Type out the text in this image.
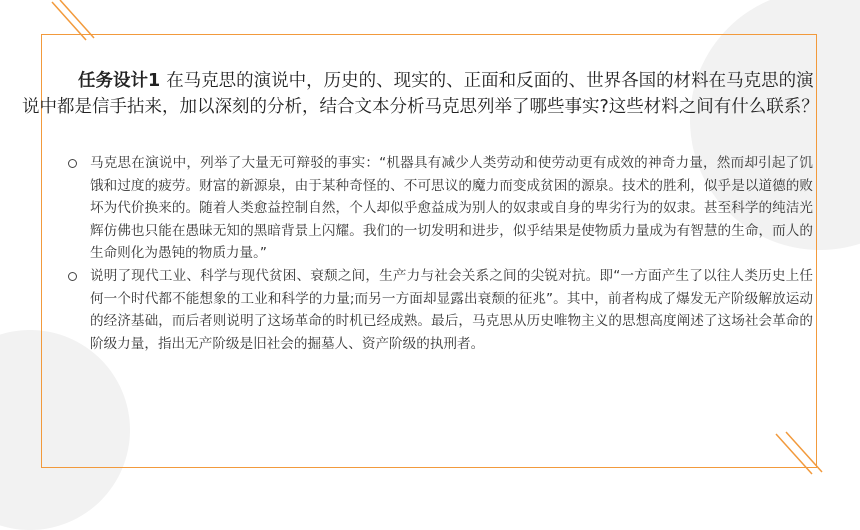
任务设计1 在马克思的演说中，历史的、现实的、正面和反面的、世界各国的材料在马克思的演说中都是信手拈来，加以深刻的分析，结合文本分析马克思列举了哪些事实?这些材料之间有什么联系？
马克思在演说中，列举了大量无可辩驳的事实：“机器具有减少人类劳动和使劳动更有成效的神奇力量，然而却引起了饥饿和过度的疲劳。财富的新源泉，由于某种奇怪的、不可思议的魔力而变成贫困的源泉。技术的胜利，似乎是以道德的败坏为代价换来的。随着人类愈益控制自然，个人却似乎愈益成为别人的奴隶或自身的卑劣行为的奴隶。甚至科学的纯洁光辉仿佛也只能在愚昧无知的黑暗背景上闪耀。我们的一切发明和进步，似乎结果是使物质力量成为有智慧的生命，而人的生命则化为愚钝的物质力量。”
说明了现代工业、科学与现代贫困、衰颓之间，生产力与社会关系之间的尖锐对抗。即“一方面产生了以往人类历史上任何一个时代都不能想象的工业和科学的力量;而另一方面却显露出衰颓的征兆”。其中，前者构成了爆发无产阶级解放运动的经济基础，而后者则说明了这场革命的时机已经成熟。最后，马克思从历史唯物主义的思想高度阐述了这场社会革命的阶级力量，指出无产阶级是旧社会的掘墓人、资产阶级的执刑者。
